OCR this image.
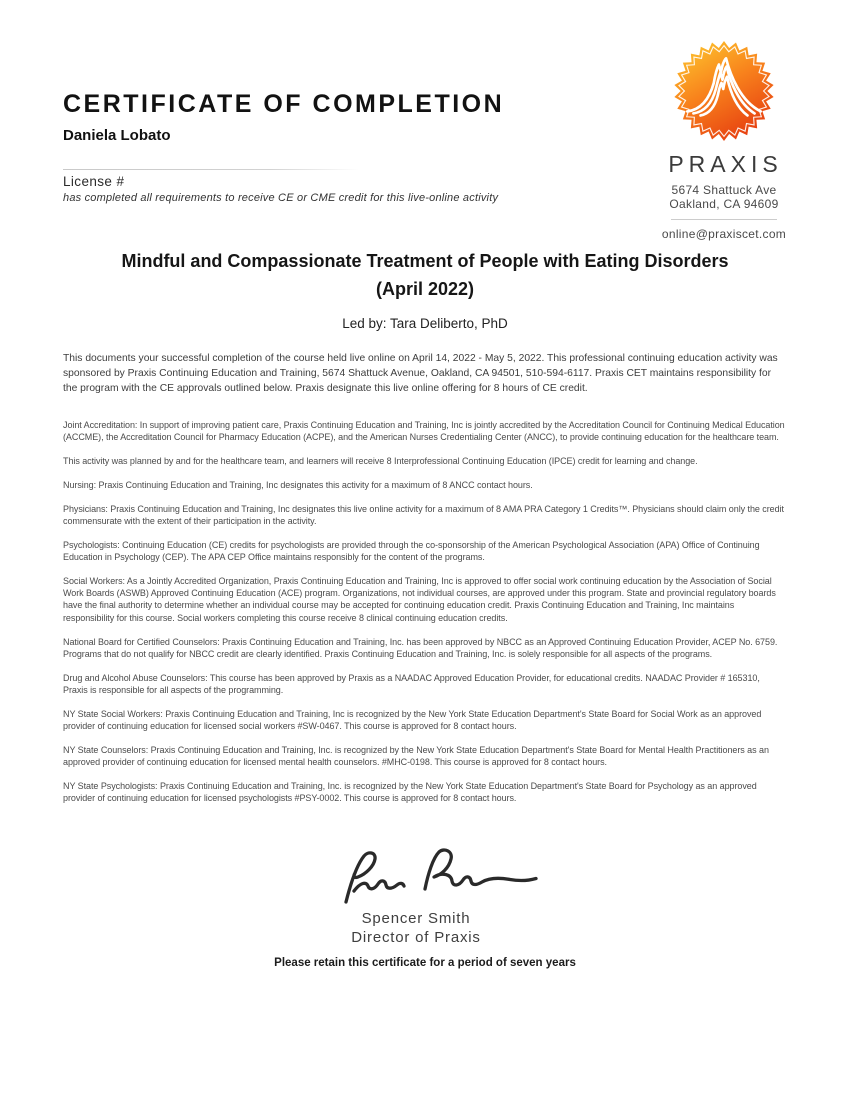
CERTIFICATE OF COMPLETION
Daniela Lobato
License #
has completed all requirements to receive CE or CME credit for this live-online activity
PRAXIS
5674 Shattuck Ave
Oakland, CA 94609
online@praxiscet.com
Mindful and Compassionate Treatment of People with Eating Disorders
(April 2022)
Led by: Tara Deliberto, PhD
This documents your successful completion of the course held live online on April 14, 2022 - May 5, 2022. This professional continuing education activity was sponsored by Praxis Continuing Education and Training, 5674 Shattuck Avenue, Oakland, CA 94501, 510-594-6117. Praxis CET maintains responsibility for the program with the CE approvals outlined below. Praxis designate this live online offering for 8 hours of CE credit.

Joint Accreditation: In support of improving patient care, Praxis Continuing Education and Training, Inc is jointly accredited by the Accreditation Council for Continuing Medical Education (ACCME), the Accreditation Council for Pharmacy Education (ACPE), and the American Nurses Credentialing Center (ANCC), to provide continuing education for the healthcare team.

This activity was planned by and for the healthcare team, and learners will receive 8 Interprofessional Continuing Education (IPCE) credit for learning and change.

Nursing: Praxis Continuing Education and Training, Inc designates this activity for a maximum of 8 ANCC contact hours.

Physicians: Praxis Continuing Education and Training, Inc designates this live online activity for a maximum of 8 AMA PRA Category 1 Credits™. Physicians should claim only the credit commensurate with the extent of their participation in the activity.

Psychologists: Continuing Education (CE) credits for psychologists are provided through the co-sponsorship of the American Psychological Association (APA) Office of Continuing Education in Psychology (CEP). The APA CEP Office maintains responsibly for the content of the programs.

Social Workers: As a Jointly Accredited Organization, Praxis Continuing Education and Training, Inc is approved to offer social work continuing education by the Association of Social Work Boards (ASWB) Approved Continuing Education (ACE) program. Organizations, not individual courses, are approved under this program. State and provincial regulatory boards have the final authority to determine whether an individual course may be accepted for continuing education credit. Praxis Continuing Education and Training, Inc maintains responsibility for this course. Social workers completing this course receive 8 clinical continuing education credits.

National Board for Certified Counselors: Praxis Continuing Education and Training, Inc. has been approved by NBCC as an Approved Continuing Education Provider, ACEP No. 6759. Programs that do not qualify for NBCC credit are clearly identified. Praxis Continuing Education and Training, Inc. is solely responsible for all aspects of the programs.

Drug and Alcohol Abuse Counselors: This course has been approved by Praxis as a NAADAC Approved Education Provider, for educational credits. NAADAC Provider # 165310, Praxis is responsible for all aspects of the programming.

NY State Social Workers: Praxis Continuing Education and Training, Inc is recognized by the New York State Education Department's State Board for Social Work as an approved provider of continuing education for licensed social workers #SW-0467. This course is approved for 8 contact hours.

NY State Counselors: Praxis Continuing Education and Training, Inc. is recognized by the New York State Education Department's State Board for Mental Health Practitioners as an approved provider of continuing education for licensed mental health counselors. #MHC-0198. This course is approved for 8 contact hours.

NY State Psychologists: Praxis Continuing Education and Training, Inc. is recognized by the New York State Education Department's State Board for Psychology as an approved provider of continuing education for licensed psychologists #PSY-0002. This course is approved for 8 contact hours.

Spencer Smith
Director of Praxis
Please retain this certificate for a period of seven years
